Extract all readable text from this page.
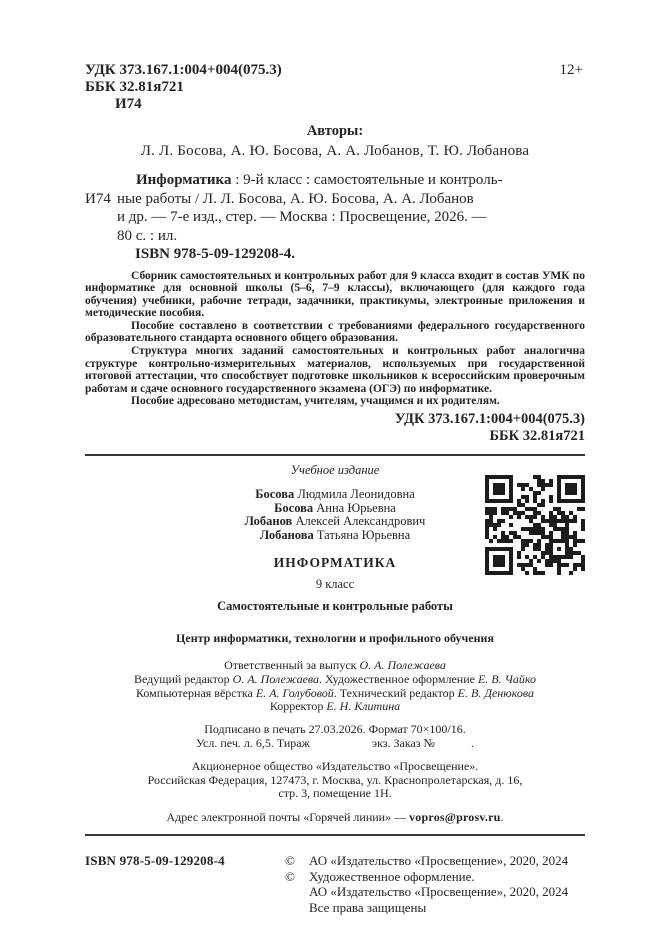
УДК 373.167.1:004+004(075.3)
ББК 32.81я721
И74
12+
Авторы:
Л. Л. Босова, А. Ю. Босова, А. А. Лобанов, Т. Ю. Лобанова
И74
Информатика : 9-й класс : самостоятельные и контроль-
ные работы / Л. Л. Босова, А. Ю. Босова, А. А. Лобанов
и др. — 7-е изд., стер. — Москва : Просвещение, 2026. —
80 с. : ил.
ISBN 978-5-09-129208-4.

Сборник самостоятельных и контрольных работ для 9 класса входит в состав УМК по информатике для основной школы (5–6, 7–9 классы), включающего (для каждого года обучения) учебники, рабочие тетради, задачники, практикумы, электронные приложения и методические пособия.

Пособие составлено в соответствии с требованиями федерального государственного образовательного стандарта основного общего образования.

Структура многих заданий самостоятельных и контрольных работ аналогична структуре контрольно-измерительных материалов, используемых при государственной итоговой аттестации, что способствует подготовке школьников к всероссийским проверочным работам и сдаче основного государственного экзамена (ОГЭ) по информатике.

Пособие адресовано методистам, учителям, учащимся и их родителям.

УДК 373.167.1:004+004(075.3)
ББК 32.81я721
Учебное издание
Босова Людмила Леонидовна
Босова Анна Юрьевна
Лобанов Алексей Александрович
Лобанова Татьяна Юрьевна
ИНФОРМАТИКА
9 класс
Самостоятельные и контрольные работы
Центр информатики, технологии и профильного обучения
Ответственный за выпуск О. А. Полежаева
Ведущий редактор О. А. Полежаева. Художественное оформление Е. В. Чайко
Компьютерная вёрстка Е. А. Голубовой. Технический редактор Е. В. Денюкова
Корректор Е. Н. Клитина
Подписано в печать 27.03.2026. Формат 70×100/16.
Усл. печ. л. 6,5. Тираж	экз. Заказ №	.
Акционерное общество «Издательство «Просвещение».
Российская Федерация, 127473, г. Москва, ул. Краснопролетарская, д. 16,
стр. 3, помещение 1Н.
Адрес электронной почты «Горячей линии» — vopros@prosv.ru.
ISBN 978-5-09-129208-4	©	АО «Издательство «Просвещение», 2020, 2024
©	Художественное оформление.
АО «Издательство «Просвещение», 2020, 2024
Все права защищены
